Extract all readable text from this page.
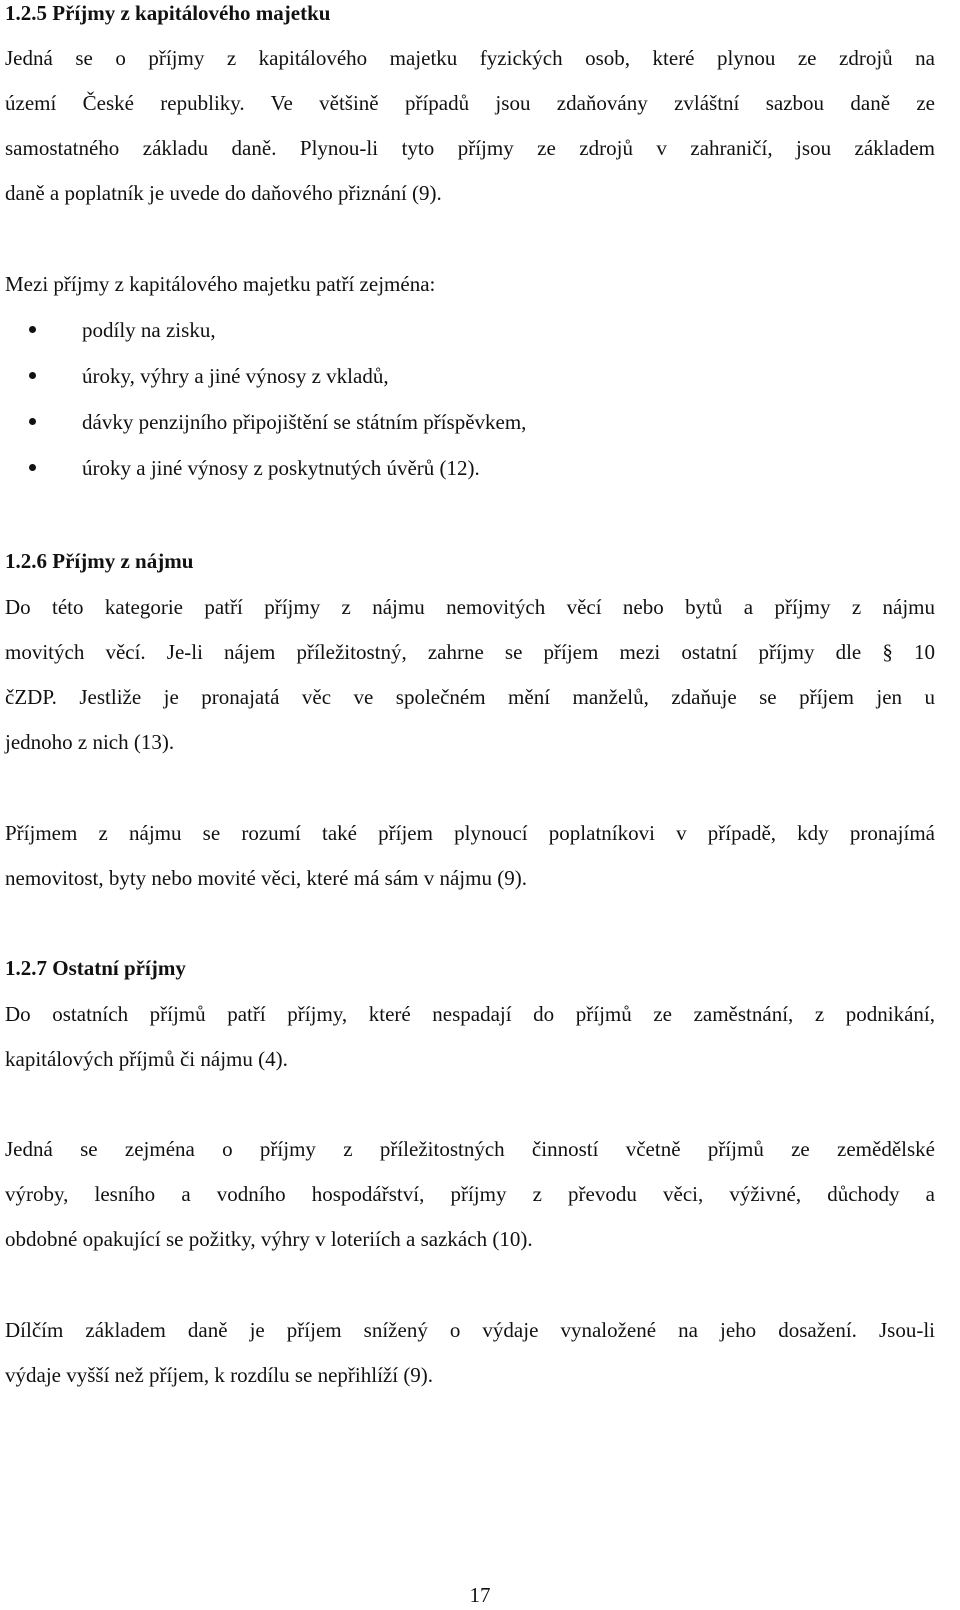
1.2.5 Příjmy z kapitálového majetku
Jedná se o příjmy z kapitálového majetku fyzických osob, které plynou ze zdrojů na
území České republiky. Ve většině případů jsou zdaňovány zvláštní sazbou daně ze
samostatného základu daně. Plynou-li tyto příjmy ze zdrojů v zahraničí, jsou základem
daně a poplatník je uvede do daňového přiznání (9).
Mezi příjmy z kapitálového majetku patří zejména:
podíly na zisku,
úroky, výhry a jiné výnosy z vkladů,
dávky penzijního připojištění se státním příspěvkem,
úroky a jiné výnosy z poskytnutých úvěrů (12).
1.2.6 Příjmy z nájmu
Do této kategorie patří příjmy z nájmu nemovitých věcí nebo bytů a příjmy z nájmu
movitých věcí. Je-li nájem příležitostný, zahrne se příjem mezi ostatní příjmy dle § 10
čZDP. Jestliže je pronajatá věc ve společném mění manželů, zdaňuje se příjem jen u
jednoho z nich (13).
Příjmem z nájmu se rozumí také příjem plynoucí poplatníkovi v případě, kdy pronajímá
nemovitost, byty nebo movité věci, které má sám v nájmu (9).
1.2.7 Ostatní příjmy
Do ostatních příjmů patří příjmy, které nespadají do příjmů ze zaměstnání, z podnikání,
kapitálových příjmů či nájmu (4).
Jedná se zejména o příjmy z příležitostných činností včetně příjmů ze zemědělské
výroby, lesního a vodního hospodářství, příjmy z převodu věci, výživné, důchody a
obdobné opakující se požitky, výhry v loteriích a sazkách (10).
Dílčím základem daně je příjem snížený o výdaje vynaložené na jeho dosažení. Jsou-li
výdaje vyšší než příjem, k rozdílu se nepřihlíží (9).
17
